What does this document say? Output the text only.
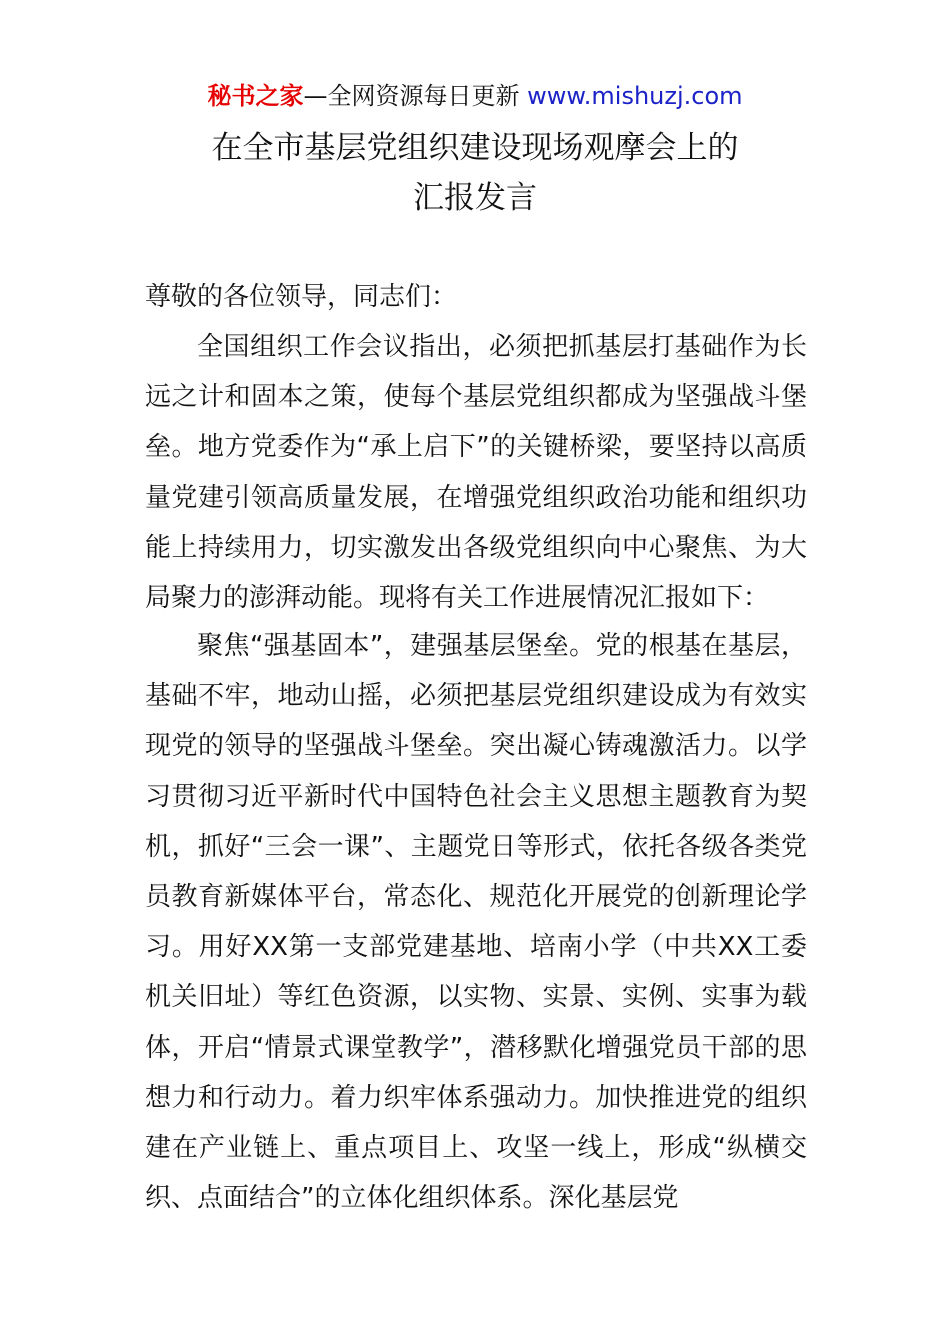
秘书之家—全网资源每日更新 www.mishuzj.com
在全市基层党组织建设现场观摩会上的
汇报发言
尊敬的各位领导，同志们：
全国组织工作会议指出，必须把抓基层打基础作为长远之计和固本之策，使每个基层党组织都成为坚强战斗堡垒。地方党委作为“承上启下”的关键桥梁，要坚持以高质量党建引领高质量发展，在增强党组织政治功能和组织功能上持续用力，切实激发出各级党组织向中心聚焦、为大局聚力的澎湃动能。现将有关工作进展情况汇报如下：
聚焦“强基固本”，建强基层堡垒。党的根基在基层，基础不牢，地动山摇，必须把基层党组织建设成为有效实现党的领导的坚强战斗堡垒。突出凝心铸魂激活力。以学习贯彻习近平新时代中国特色社会主义思想主题教育为契机，抓好“三会一课”、主题党日等形式，依托各级各类党员教育新媒体平台，常态化、规范化开展党的创新理论学习。用好XX第一支部党建基地、培南小学（中共XX工委机关旧址）等红色资源，以实物、实景、实例、实事为载体，开启“情景式课堂教学”，潜移默化增强党员干部的思想力和行动力。着力织牢体系强动力。加快推进党的组织建在产业链上、重点项目上、攻坚一线上，形成“纵横交织、点面结合”的立体化组织体系。深化基层党
